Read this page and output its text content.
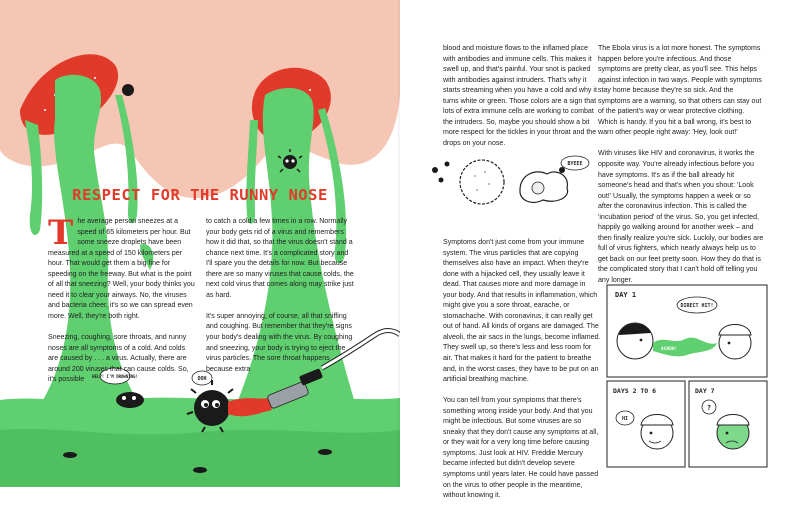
HELP! I'M DROWNING!	OOH
RESPECT FOR THE RUNNY NOSE

The average person sneezes at a speed of 65 kilometers per hour. But some sneeze droplets have been measured at a speed of 150 kilometers per hour. That would get them a big fine for speeding on the freeway. But what is the point of all that sneezing? Well, your body thinks you need it to clear your airways. No, the viruses and bacteria cheer, it's so we can spread even more. Well, they're both right.

Sneezing, coughing, sore throats, and runny noses are all symptoms of a cold. And colds are caused by . . . a virus. Actually, there are around 200 viruses that can cause colds. So, it's possible

to catch a cold a few times in a row. Normally your body gets rid of a virus and remembers how it did that, so that the virus doesn't stand a chance next time. It's a complicated story and I'll spare you the details for now. But because there are so many viruses that cause colds, the next cold virus that comes along may strike just as hard.

It's super annoying, of course, all that sniffing and coughing. But remember that they're signs your body's dealing with the virus. By coughing and sneezing, your body is trying to eject the virus particles. The sore throat happens because extra

blood and moisture flows to the inflamed place with antibodies and immune cells. This makes it swell up, and that's painful. Your snot is packed with antibodies against intruders. That's why it starts streaming when you have a cold and why it turns white or green. Those colors are a sign that lots of extra immune cells are working to combat the intruders. So, maybe you should show a bit more respect for the tickles in your throat and the drops on your nose.

Symptoms don't just come from your immune system. The virus particles that are copying themselves also have an impact. When they're done with a hijacked cell, they usually leave it dead. That causes more and more damage in your body. And that results in inflammation, which might give you a sore throat, earache, or stomachache. With coronavirus, it can really get out of hand. All kinds of organs are damaged. The alveoli, the air sacs in the lungs, become inflamed. They swell up, so there's less and less room for air. That makes it hard for the patient to breathe and, in the worst cases, they have to be put on an artificial breathing machine.

You can tell from your symptoms that there's something wrong inside your body. And that you might be infectious. But some viruses are so sneaky that they don't cause any symptoms at all, or they wait for a very long time before causing symptoms. Just look at HIV. Freddie Mercury became infected but didn't develop severe symptoms until years later. He could have passed on the virus to other people in the meantime, without knowing it.

The Ebola virus is a lot more honest. The symptoms happen before you're infectious. And those symptoms are pretty clear, as you'll see. This helps against infection in two ways. People with symptoms stay home because they're so sick. And the symptoms are a warning, so that others can stay out of the patient's way or wear protective clothing. Which is handy. If you hit a ball wrong, it's best to warn other people right away: 'Hey, look out!'

With viruses like HIV and coronavirus, it works the opposite way. You're already infectious before you have symptoms. It's as if the ball already hit someone's head and that's when you shout: 'Look out!' Usually, the symptoms happen a week or so after the coronavirus infection. This is called the 'incubation period' of the virus. So, you get infected, happily go walking around for another week – and then finally realize you're sick. Luckily, our bodies are full of virus fighters, which nearly always help us to get back on our feet pretty soon. How they do that is the complicated story that I can't hold off telling you any longer.

BYEEE
DAY 1
ACHOO!
DIRECT HIT!
DAYS 2 TO 6
HI
DAY 7
?
